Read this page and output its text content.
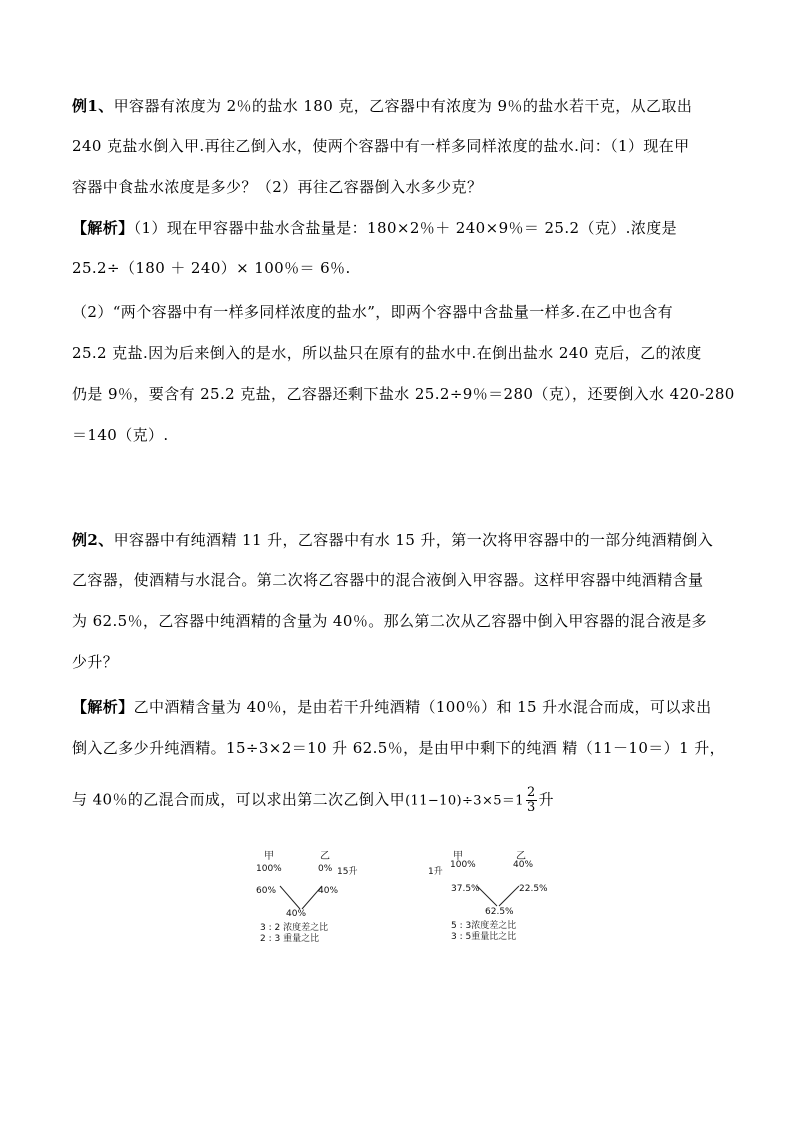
例1、甲容器有浓度为 2％的盐水 180 克，乙容器中有浓度为 9％的盐水若干克，从乙取出
240 克盐水倒入甲.再往乙倒入水，使两个容器中有一样多同样浓度的盐水.问：（1）现在甲
容器中食盐水浓度是多少？（2）再往乙容器倒入水多少克？
【解析】（1）现在甲容器中盐水含盐量是：180×2％＋ 240×9％＝ 25.2（克）.浓度是
25.2÷（180 ＋ 240）× 100％＝ 6％.
（2）“两个容器中有一样多同样浓度的盐水”，即两个容器中含盐量一样多.在乙中也含有
25.2 克盐.因为后来倒入的是水，所以盐只在原有的盐水中.在倒出盐水 240 克后，乙的浓度
仍是 9％，要含有 25.2 克盐，乙容器还剩下盐水 25.2÷9％＝280（克），还要倒入水 420-280
＝140（克）.
例2、甲容器中有纯酒精 11 升，乙容器中有水 15 升，第一次将甲容器中的一部分纯酒精倒入
乙容器，使酒精与水混合。第二次将乙容器中的混合液倒入甲容器。这样甲容器中纯酒精含量
为 62.5％，乙容器中纯酒精的含量为 40％。那么第二次从乙容器中倒入甲容器的混合液是多
少升？
【解析】乙中酒精含量为 40％，是由若干升纯酒精（100％）和 15 升水混合而成，可以求出
倒入乙多少升纯酒精。15÷3×2＝10 升 62.5％，是由甲中剩下的纯酒 精（11－10＝）1 升，
与 40％的乙混合而成，可以求出第二次乙倒入甲$(11-10)\div 3\times 5=1 \frac{2}{3}$ 升
甲	乙
100%	0% 15升
60%	40%
40%
3 : 2 浓度差之比
2 : 3 重量之比
甲	乙
1升
100%	40%
37.5%	22.5%
62.5%
5 : 3浓度差之比
3 : 5重量比之比
